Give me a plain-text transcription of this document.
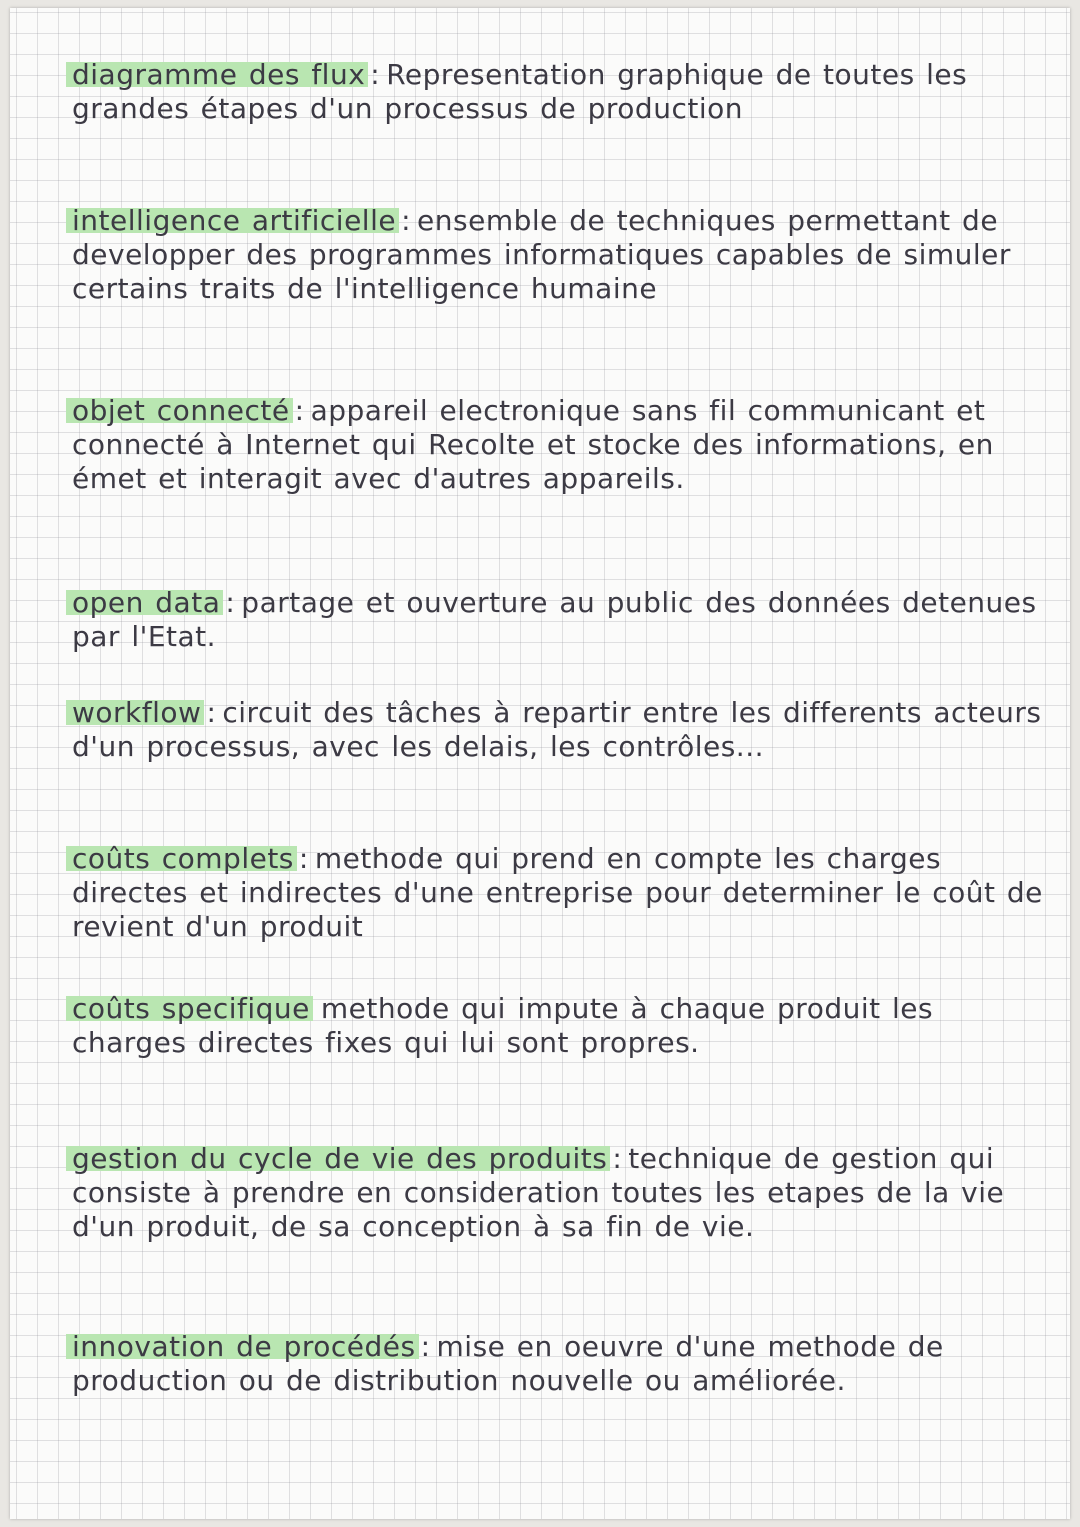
diagramme des flux : Representation graphique de toutes les grandes étapes d'un processus de production
intelligence artificielle : ensemble de techniques permettant de developper des programmes informatiques capables de simuler certains traits de l'intelligence humaine
objet connecté : appareil electronique sans fil communicant et connecté à Internet qui Recolte et stocke des informations, en émet et interagit avec d'autres appareils.
open data : partage et ouverture au public des données detenues par l'Etat.
workflow : circuit des tâches à repartir entre les differents acteurs d'un processus, avec les delais, les contrôles...
coûts complets : methode qui prend en compte les charges directes et indirectes d'une entreprise pour determiner le coût de revient d'un produit
coûts specifique methode qui impute à chaque produit les charges directes fixes qui lui sont propres.
gestion du cycle de vie des produits : technique de gestion qui consiste à prendre en consideration toutes les etapes de la vie d'un produit, de sa conception à sa fin de vie.
innovation de procédés : mise en oeuvre d'une methode de production ou de distribution nouvelle ou améliorée.
